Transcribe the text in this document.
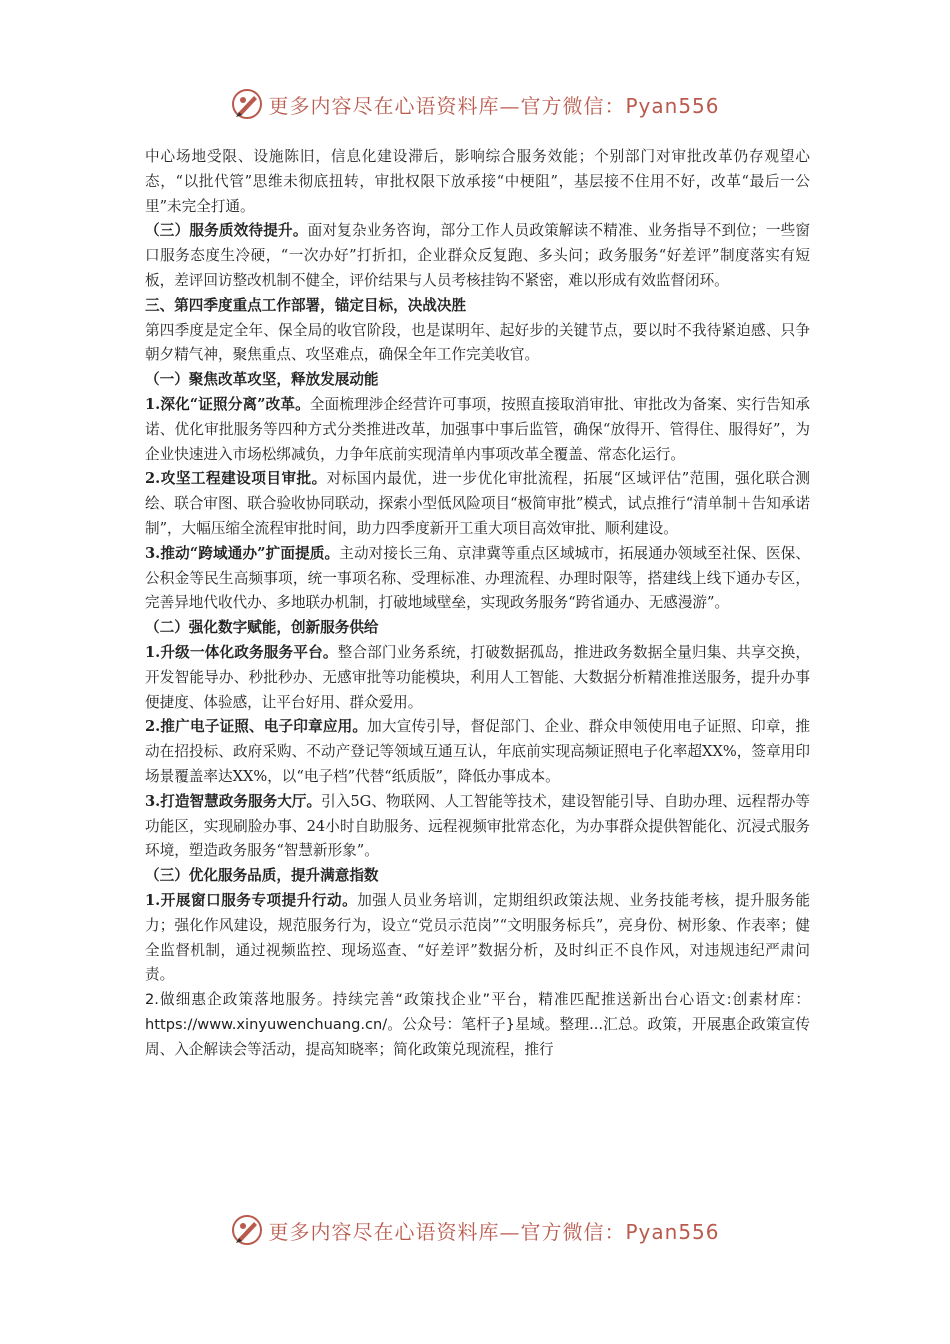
更多内容尽在心语资料库—官方微信：Pyan556

中心场地受限、设施陈旧，信息化建设滞后，影响综合服务效能；个别部门对审批改革仍存观望心态，“以批代管”思维未彻底扭转，审批权限下放承接“中梗阻”，基层接不住用不好，改革“最后一公里”未完全打通。

（三）服务质效待提升。面对复杂业务咨询，部分工作人员政策解读不精准、业务指导不到位；一些窗口服务态度生冷硬，“一次办好”打折扣，企业群众反复跑、多头问；政务服务“好差评”制度落实有短板，差评回访整改机制不健全，评价结果与人员考核挂钩不紧密，难以形成有效监督闭环。

三、第四季度重点工作部署，锚定目标，决战决胜

第四季度是定全年、保全局的收官阶段，也是谋明年、起好步的关键节点，要以时不我待紧迫感、只争朝夕精气神，聚焦重点、攻坚难点，确保全年工作完美收官。

（一）聚焦改革攻坚，释放发展动能

1.深化“证照分离”改革。全面梳理涉企经营许可事项，按照直接取消审批、审批改为备案、实行告知承诺、优化审批服务等四种方式分类推进改革，加强事中事后监管，确保“放得开、管得住、服得好”，为企业快速进入市场松绑减负，力争年底前实现清单内事项改革全覆盖、常态化运行。

2.攻坚工程建设项目审批。对标国内最优，进一步优化审批流程，拓展“区域评估”范围，强化联合测绘、联合审图、联合验收协同联动，探索小型低风险项目“极简审批”模式，试点推行“清单制＋告知承诺制”，大幅压缩全流程审批时间，助力四季度新开工重大项目高效审批、顺利建设。

3.推动“跨域通办”扩面提质。主动对接长三角、京津冀等重点区域城市，拓展通办领域至社保、医保、公积金等民生高频事项，统一事项名称、受理标准、办理流程、办理时限等，搭建线上线下通办专区，完善异地代收代办、多地联办机制，打破地域壁垒，实现政务服务“跨省通办、无感漫游”。

（二）强化数字赋能，创新服务供给

1.升级一体化政务服务平台。整合部门业务系统，打破数据孤岛，推进政务数据全量归集、共享交换，开发智能导办、秒批秒办、无感审批等功能模块，利用人工智能、大数据分析精准推送服务，提升办事便捷度、体验感，让平台好用、群众爱用。

2.推广电子证照、电子印章应用。加大宣传引导，督促部门、企业、群众申领使用电子证照、印章，推动在招投标、政府采购、不动产登记等领域互通互认，年底前实现高频证照电子化率超XX%，签章用印场景覆盖率达XX%，以“电子档”代替“纸质版”，降低办事成本。

3.打造智慧政务服务大厅。引入5G、物联网、人工智能等技术，建设智能引导、自助办理、远程帮办等功能区，实现刷脸办事、24小时自助服务、远程视频审批常态化，为办事群众提供智能化、沉浸式服务环境，塑造政务服务“智慧新形象”。

（三）优化服务品质，提升满意指数

1.开展窗口服务专项提升行动。加强人员业务培训，定期组织政策法规、业务技能考核，提升服务能力；强化作风建设，规范服务行为，设立“党员示范岗”“文明服务标兵”，亮身份、树形象、作表率；健全监督机制，通过视频监控、现场巡查、“好差评”数据分析，及时纠正不良作风，对违规违纪严肃问责。

2.做细惠企政策落地服务。持续完善“政策找企业”平台，精准匹配推送新出台心语文:创素材库：https://www.xinyuwenchuang.cn/。公众号：笔杆子}星域。整理...汇总。政策，开展惠企政策宣传周、入企解读会等活动，提高知晓率；简化政策兑现流程，推行

更多内容尽在心语资料库—官方微信：Pyan556
